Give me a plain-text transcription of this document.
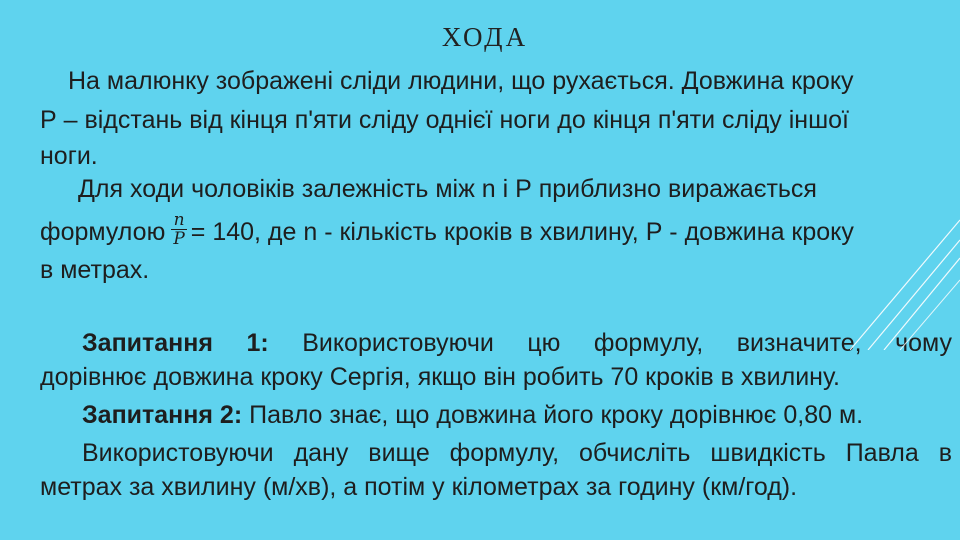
ХОДА
На малюнку зображені сліди людини, що рухається. Довжина кроку
Р – відстань від кінця п'яти сліду однієї ноги до кінця п'яти сліду іншої
ноги.
Для ходи чоловіків залежність між n і Р приблизно виражається
формулою $\frac{n}{P} = 140$, де n - кількість кроків в хвилину, Р - довжина кроку
в метрах.
Запитання 1: Використовуючи цю формулу, визначите, чому
дорівнює довжина кроку Сергія, якщо він робить 70 кроків в хвилину.
Запитання 2: Павло знає, що довжина його кроку дорівнює 0,80 м.
Використовуючи дану вище формулу, обчисліть швидкість Павла в
метрах за хвилину (м/хв), а потім у кілометрах за годину (км/год).
